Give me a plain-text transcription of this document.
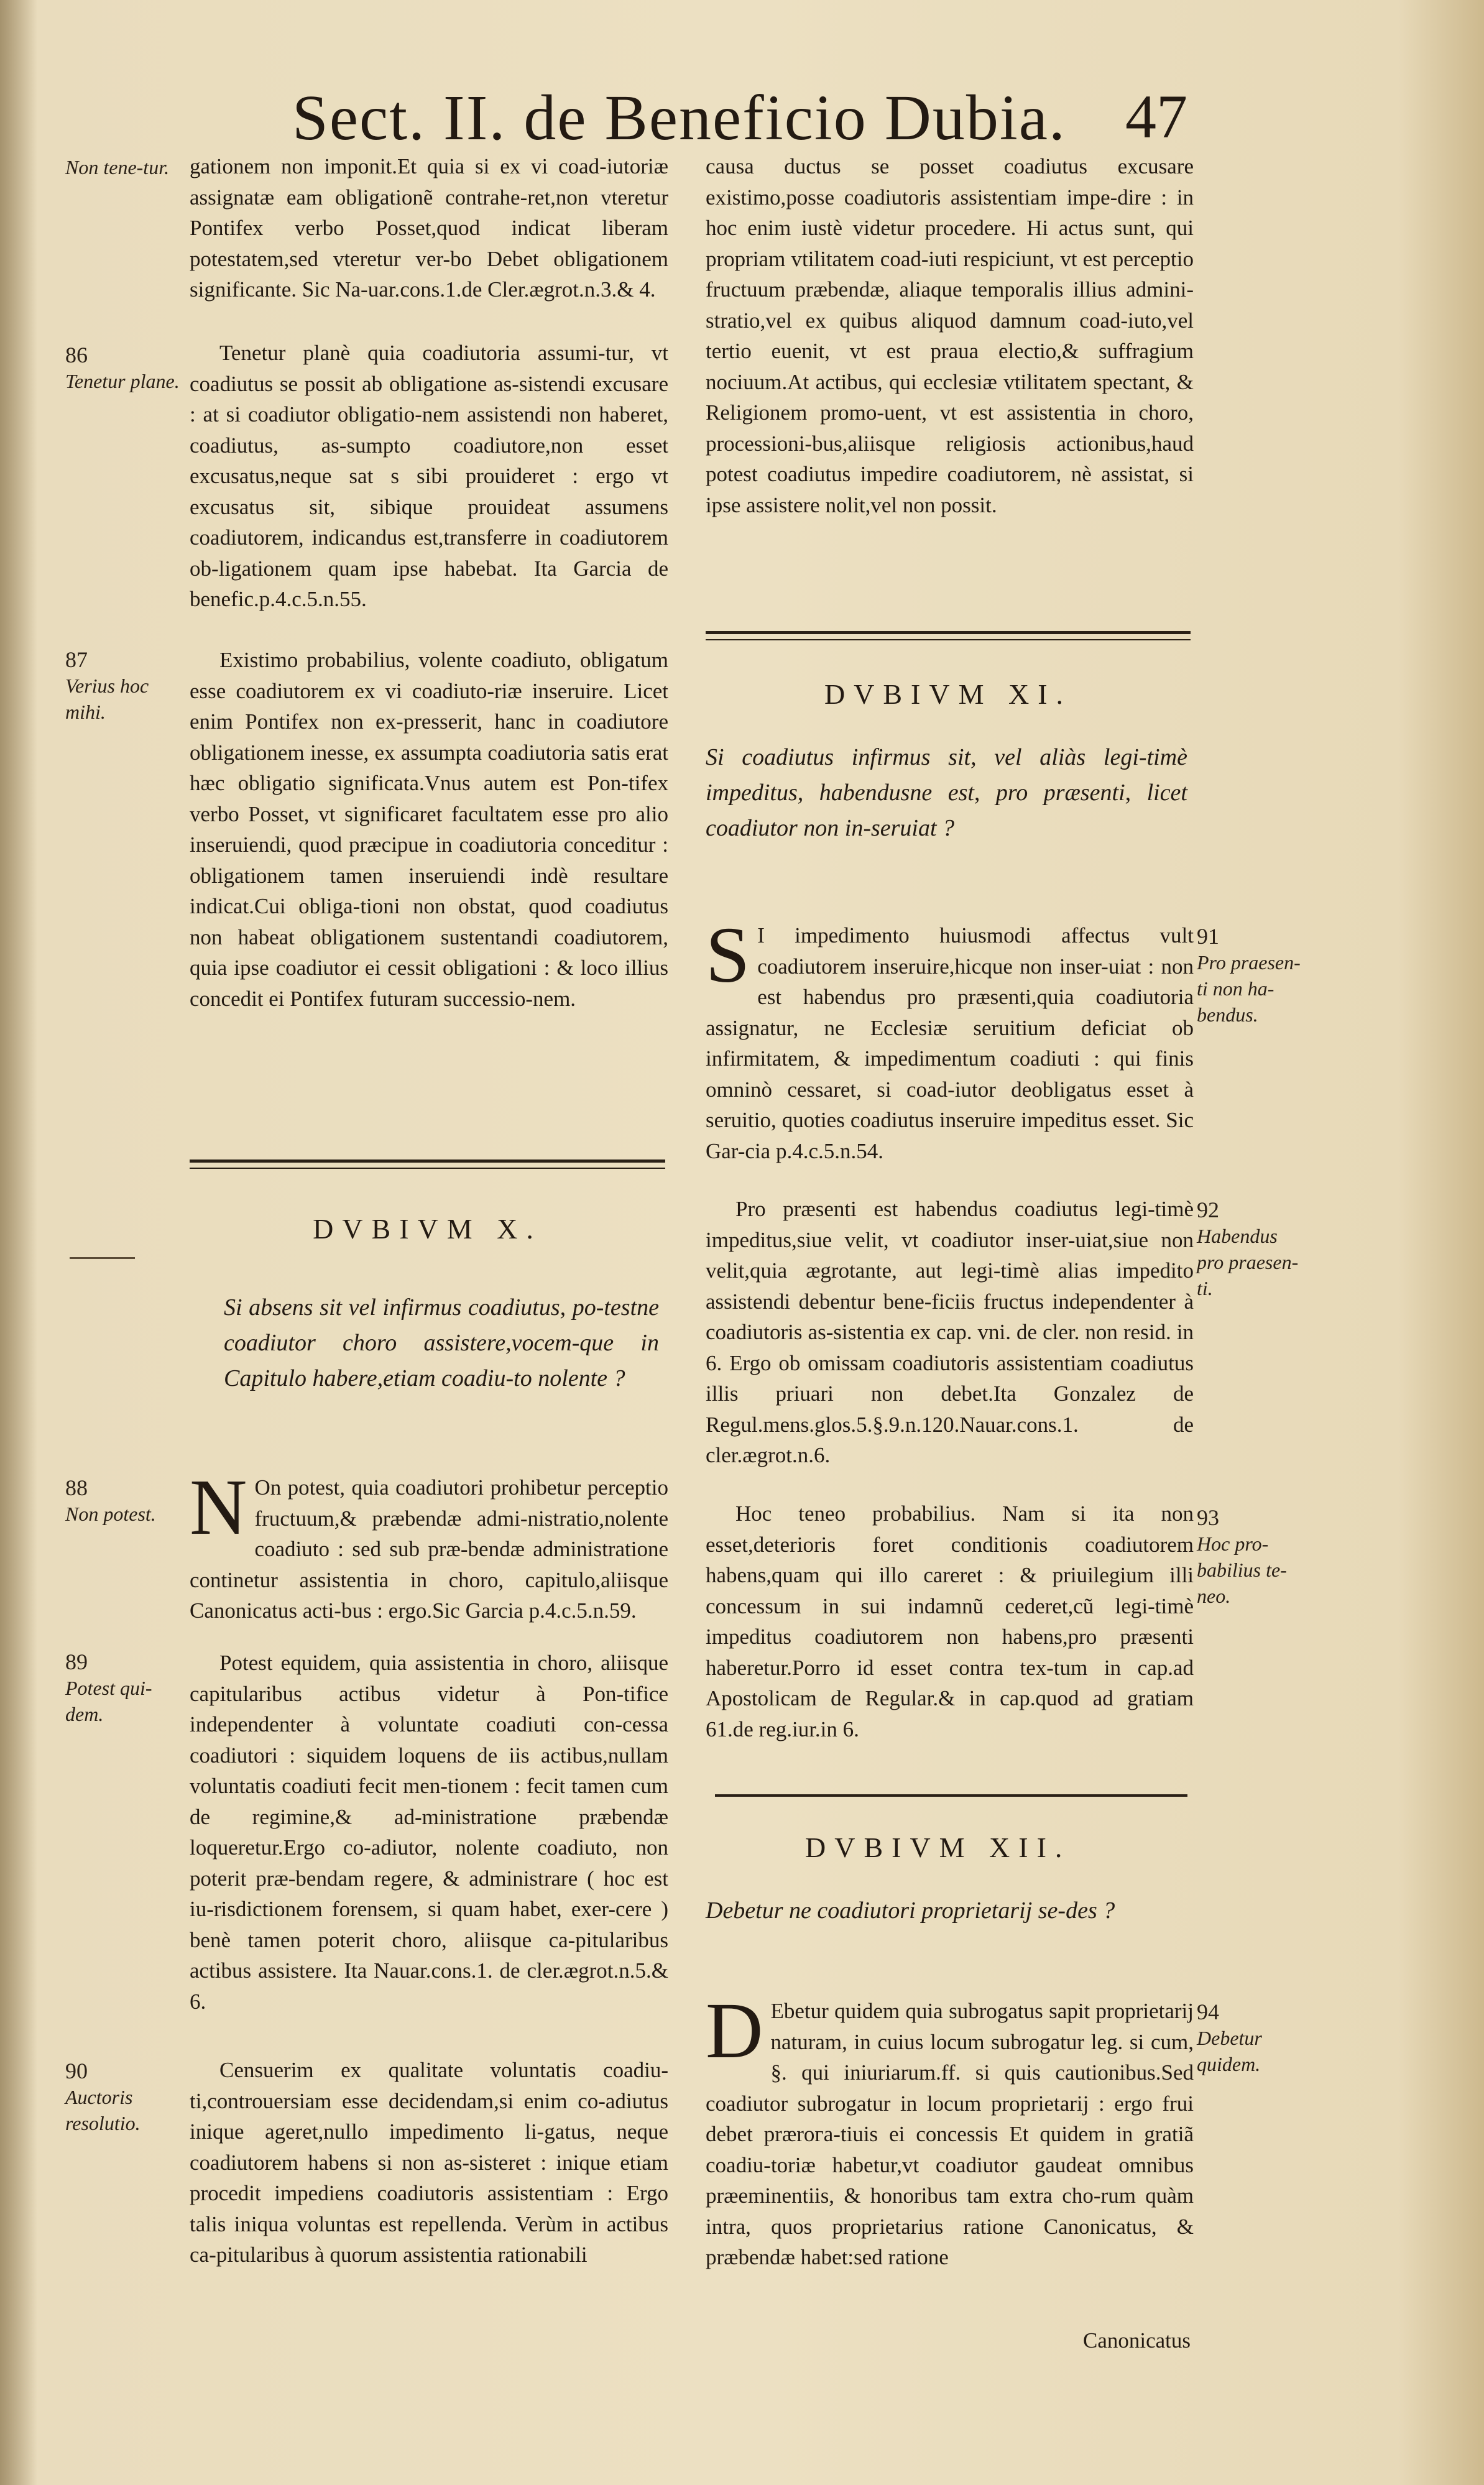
Sect. II. de Beneficio Dubia. 47
Non tene-tur.
86
Tenetur plane.
87
Verius hoc mihi.
88
Non potest.
89
Potest qui-dem.
90
Auctoris resolutio.
gationem non imponit.Et quia si ex vi coad-iutoriæ assignatæ eam obligationẽ contrahe-ret,non vteretur Pontifex verbo Posset,quod indicat liberam potestatem,sed vteretur ver-bo Debet obligationem significante. Sic Na-uar.cons.1.de Cler.ægrot.n.3.& 4.
Tenetur planè quia coadiutoria assumi-tur, vt coadiutus se possit ab obligatione as-sistendi excusare : at si coadiutor obligatio-nem assistendi non haberet, coadiutus, as-sumpto coadiutore,non esset excusatus,neque sat s sibi prouideret : ergo vt excusatus sit, sibique prouideat assumens coadiutorem, indicandus est,transferre in coadiutorem ob-ligationem quam ipse habebat. Ita Garcia de benefic.p.4.c.5.n.55.
Existimo probabilius, volente coadiuto, obligatum esse coadiutorem ex vi coadiuto-riæ inseruire. Licet enim Pontifex non ex-presserit, hanc in coadiutore obligationem inesse, ex assumpta coadiutoria satis erat hæc obligatio significata.Vnus autem est Pon-tifex verbo Posset, vt significaret facultatem esse pro alio inseruiendi, quod præcipue in coadiutoria conceditur : obligationem tamen inseruiendi indè resultare indicat.Cui obliga-tioni non obstat, quod coadiutus non habeat obligationem sustentandi coadiutorem, quia ipse coadiutor ei cessit obligationi : & loco illius concedit ei Pontifex futuram successio-nem.
DVBIVM X.
Si absens sit vel infirmus coadiutus, po-testne coadiutor choro assistere,vocem-que in Capitulo habere,etiam coadiu-to nolente ?
N On potest, quia coadiutori prohibetur perceptio fructuum,& præbendæ admi-nistratio,nolente coadiuto : sed sub præ-bendæ administratione continetur assistentia in choro, capitulo,aliisque Canonicatus acti-bus : ergo.Sic Garcia p.4.c.5.n.59.
Potest equidem, quia assistentia in choro, aliisque capitularibus actibus videtur à Pon-tifice independenter à voluntate coadiuti con-cessa coadiutori : siquidem loquens de iis actibus,nullam voluntatis coadiuti fecit men-tionem : fecit tamen cum de regimine,& ad-ministratione præbendæ loqueretur.Ergo co-adiutor, nolente coadiuto, non poterit præ-bendam regere, & administrare ( hoc est iu-risdictionem forensem, si quam habet, exer-cere ) benè tamen poterit choro, aliisque ca-pitularibus actibus assistere. Ita Nauar.cons.1. de cler.ægrot.n.5.& 6.
Censuerim ex qualitate voluntatis coadiu-ti,controuersiam esse decidendam,si enim co-adiutus inique ageret,nullo impedimento li-gatus, neque coadiutorem habens si non as-sisteret : inique etiam procedit impediens coadiutoris assistentiam : Ergo talis iniqua voluntas est repellenda. Verùm in actibus ca-pitularibus à quorum assistentia rationabili
causa ductus se posset coadiutus excusare existimo,posse coadiutoris assistentiam impe-dire : in hoc enim iustè videtur procedere. Hi actus sunt, qui propriam vtilitatem coad-iuti respiciunt, vt est perceptio fructuum præbendæ, aliaque temporalis illius admini-stratio,vel ex quibus aliquod damnum coad-iuto,vel tertio euenit, vt est praua electio,& suffragium nociuum.At actibus, qui ecclesiæ vtilitatem spectant, & Religionem promo-uent, vt est assistentia in choro, processioni-bus,aliisque religiosis actionibus,haud potest coadiutus impedire coadiutorem, nè assistat, si ipse assistere nolit,vel non possit.
DVBIVM XI.
Si coadiutus infirmus sit, vel aliàs legi-timè impeditus, habendusne est, pro præsenti, licet coadiutor non in-seruiat ?
S I impedimento huiusmodi affectus vult coadiutorem inseruire,hicque non inser-uiat : non est habendus pro præsenti,quia coadiutoria assignatur, ne Ecclesiæ seruitium deficiat ob infirmitatem, & impedimentum coadiuti : qui finis omninò cessaret, si coad-iutor deobligatus esset à seruitio, quoties coadiutus inseruire impeditus esset. Sic Gar-cia p.4.c.5.n.54.
Pro præsenti est habendus coadiutus legi-timè impeditus,siue velit, vt coadiutor inser-uiat,siue non velit,quia ægrotante, aut legi-timè alias impedito assistendi debentur bene-ficiis fructus independenter à coadiutoris as-sistentia ex cap. vni. de cler. non resid. in 6. Ergo ob omissam coadiutoris assistentiam coadiutus illis priuari non debet.Ita Gonzalez de Regul.mens.glos.5.§.9.n.120.Nauar.cons.1. de cler.ægrot.n.6.
Hoc teneo probabilius. Nam si ita non esset,deterioris foret conditionis coadiutorem habens,quam qui illo careret : & priuilegium illi concessum in sui indamnũ cederet,cũ legi-timè impeditus coadiutorem non habens,pro præsenti haberetur.Porro id esset contra tex-tum in cap.ad Apostolicam de Regular.& in cap.quod ad gratiam 61.de reg.iur.in 6.
DVBIVM XII.
Debetur ne coadiutori proprietarij se-des ?
D Ebetur quidem quia subrogatus sapit proprietarij naturam, in cuius locum subrogatur leg. si cum, §. qui iniuriarum.ff. si quis cautionibus.Sed coadiutor subrogatur in locum proprietarij : ergo frui debet prærога-tiuis ei concessis Et quidem in gratiã coadiu-toriæ habetur,vt coadiutor gaudeat omnibus præeminentiis, & honoribus tam extra cho-rum quàm intra, quos proprietarius ratione Canonicatus, & præbendæ habet:sed ratione
Canonicatus
91
Pro praesen-ti non ha-bendus.
92
Habendus pro praesen-ti.
93
Hoc pro-babilius te-neo.
94
Debetur quidem.
